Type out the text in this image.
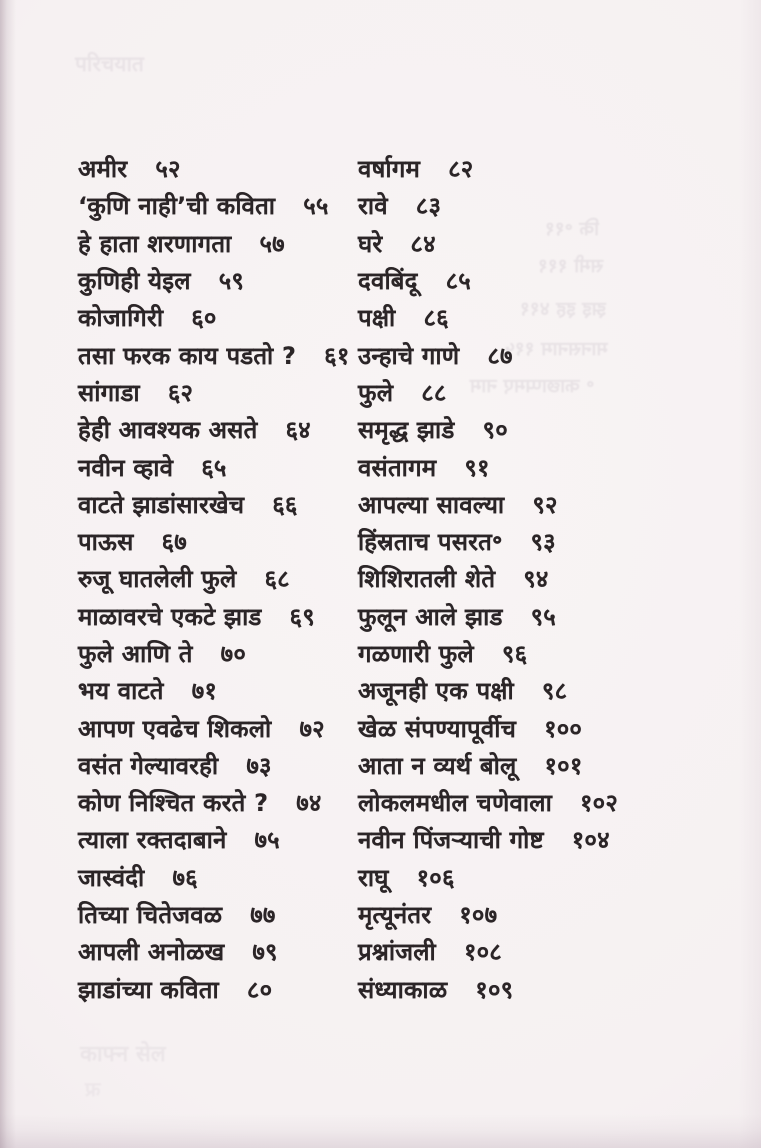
परिचयात
कि ॰११
समी १११
झइ इह ४११
मानसनाम ११५
॰ काछाप्पमए नाम
काफ्न सेल
फ्र
अमीर ५२
‘कुणि नाही’ची कविता ५५
हे हाता शरणागता ५७
कुणिही येइल ५९
कोजागिरी ६०
तसा फरक काय पडतो ? ६१
सांगाडा ६२
हेही आवश्यक असते ६४
नवीन व्हावे ६५
वाटते झाडांसारखेच ६६
पाऊस ६७
रुजू घातलेली फुले ६८
माळावरचे एकटे झाड ६९
फुले आणि ते ७०
भय वाटते ७१
आपण एवढेच शिकलो ७२
वसंत गेल्यावरही ७३
कोण निश्चित करते ? ७४
त्याला रक्तदाबाने ७५
जास्वंदी ७६
तिच्या चितेजवळ ७७
आपली अनोळख ७९
झाडांच्या कविता ८०
वर्षागम ८२
रावे ८३
घरे ८४
दवबिंदू ८५
पक्षी ८६
उन्हाचे गाणे ८७
फुले ८८
समृद्ध झाडे ९०
वसंतागम ९१
आपल्या सावल्या ९२
हिंस्रताच पसरत॰ ९३
शिशिरातली शेते ९४
फुलून आले झाड ९५
गळणारी फुले ९६
अजूनही एक पक्षी ९८
खेळ संपण्यापूर्वीच १००
आता न व्यर्थ बोलू १०१
लोकलमधील चणेवाला १०२
नवीन पिंजऱ्याची गोष्ट १०४
राघू १०६
मृत्यूनंतर १०७
प्रश्नांजली १०८
संध्याकाळ १०९
